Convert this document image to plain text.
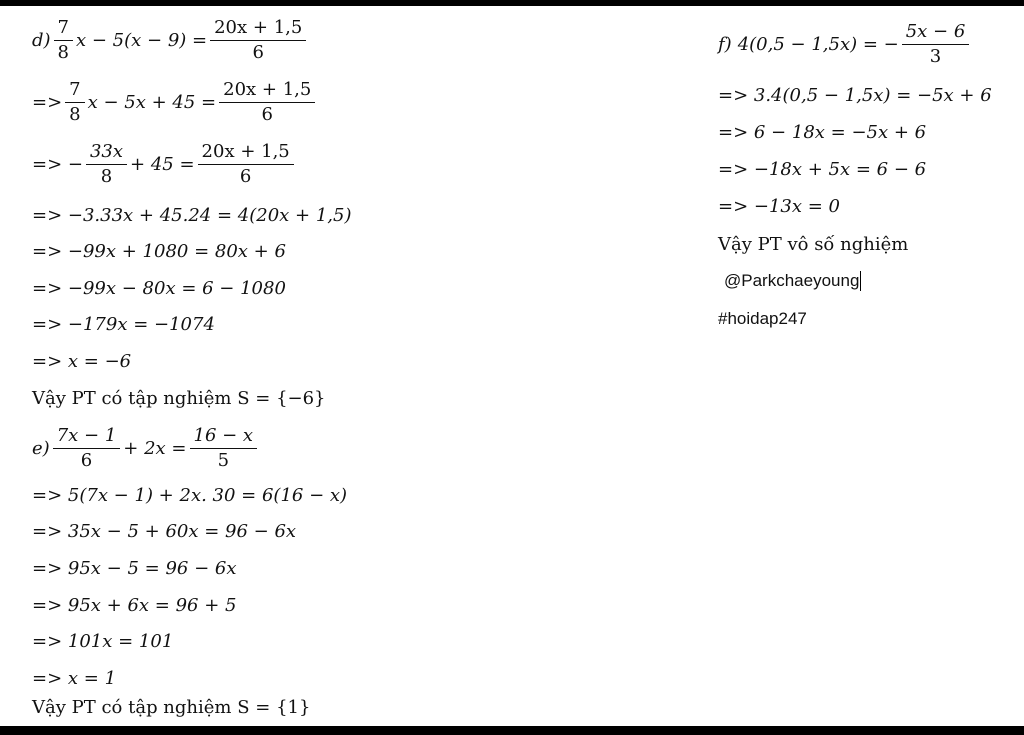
$d) \frac{7}{8}$ $x - 5(x - 9) = \frac{20x + 1,5}{6}$
=> $\frac{7}{8}$ $x - 5x + 45 = \frac{20x + 1,5}{6}$
=> − $\frac{33x}{8} + 45 = \frac{20x + 1,5}{6}$
=> −3.33x + 45.24 = 4(20x + 1,5)
=> −99x + 1080 = 80x + 6
=> −99x − 80x = 6 − 1080
=> −179x = −1074
=> x = −6
Vậy PT có tập nghiệm S = {−6}
$e) \frac{7x - 1}{6} + 2x = \frac{16 - x}{5}$
=> 5(7x − 1) + 2x. 30 = 6(16 − x)
=> 35x − 5 + 60x = 96 − 6x
=> 95x − 5 = 96 − 6x
=> 95x + 6x = 96 + 5
=> 101x = 101
=> x = 1
Vậy PT có tập nghiệm S = {1}
f) 4(0,5 − 1,5x) = − $\frac{5x - 6}{3}$
=> 3.4(0,5 − 1,5x) = −5x + 6
=> 6 − 18x = −5x + 6
=> −18x + 5x = 6 − 6
=> −13x = 0
Vậy PT vô số nghiệm
@Parkchaeyoung
#hoidap247
